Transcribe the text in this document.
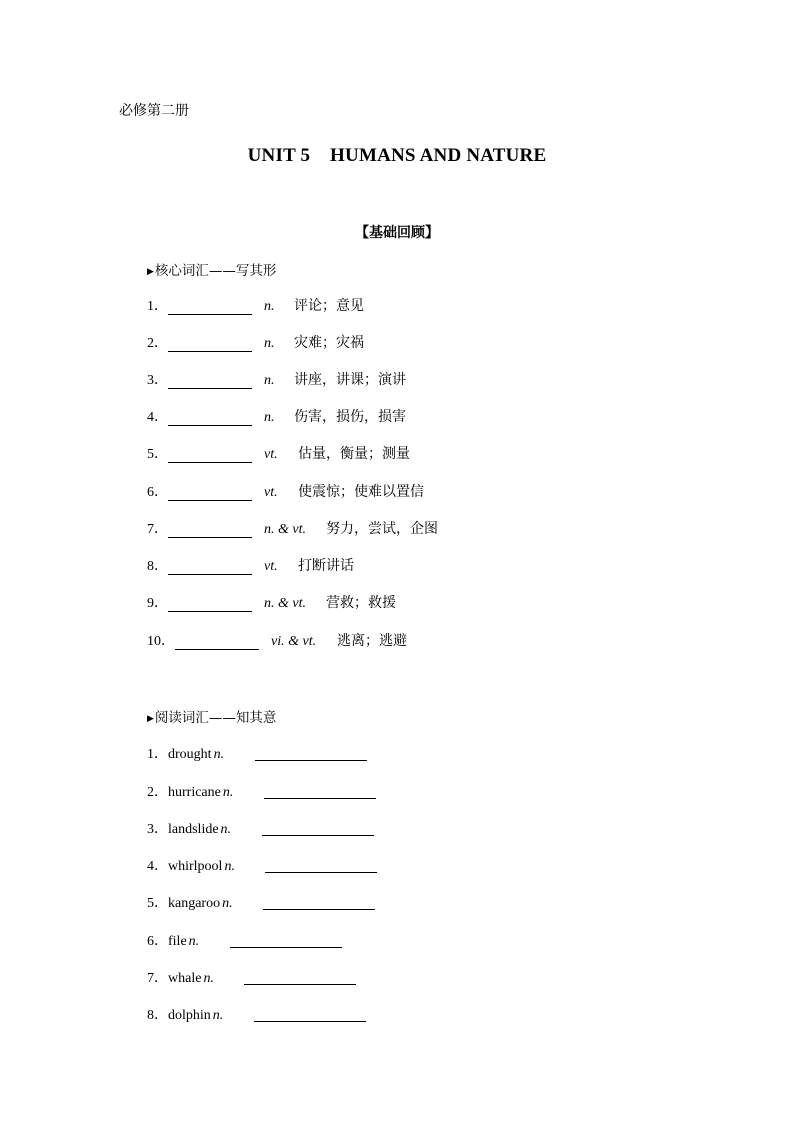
必修第二册
UNIT 5    HUMANS AND NATURE
【基础回顾】
▶核心词汇——写其形
1．	n. 评论；意见
2．	n. 灾难；灾祸
3．	n. 讲座，讲课；演讲
4．	n. 伤害，损伤，损害
5．	vt. 估量，衡量；测量
6．	vt. 使震惊；使难以置信
7．	n. & vt. 努力，尝试，企图
8．	vt. 打断讲话
9．	n. & vt. 营救；救援
10．	vi. & vt. 逃离；逃避
▶阅读词汇——知其意
1． drought n.
2． hurricane n.
3． landslide n.
4． whirlpool n.
5． kangaroo n.
6． file n.
7． whale n.
8． dolphin n.
